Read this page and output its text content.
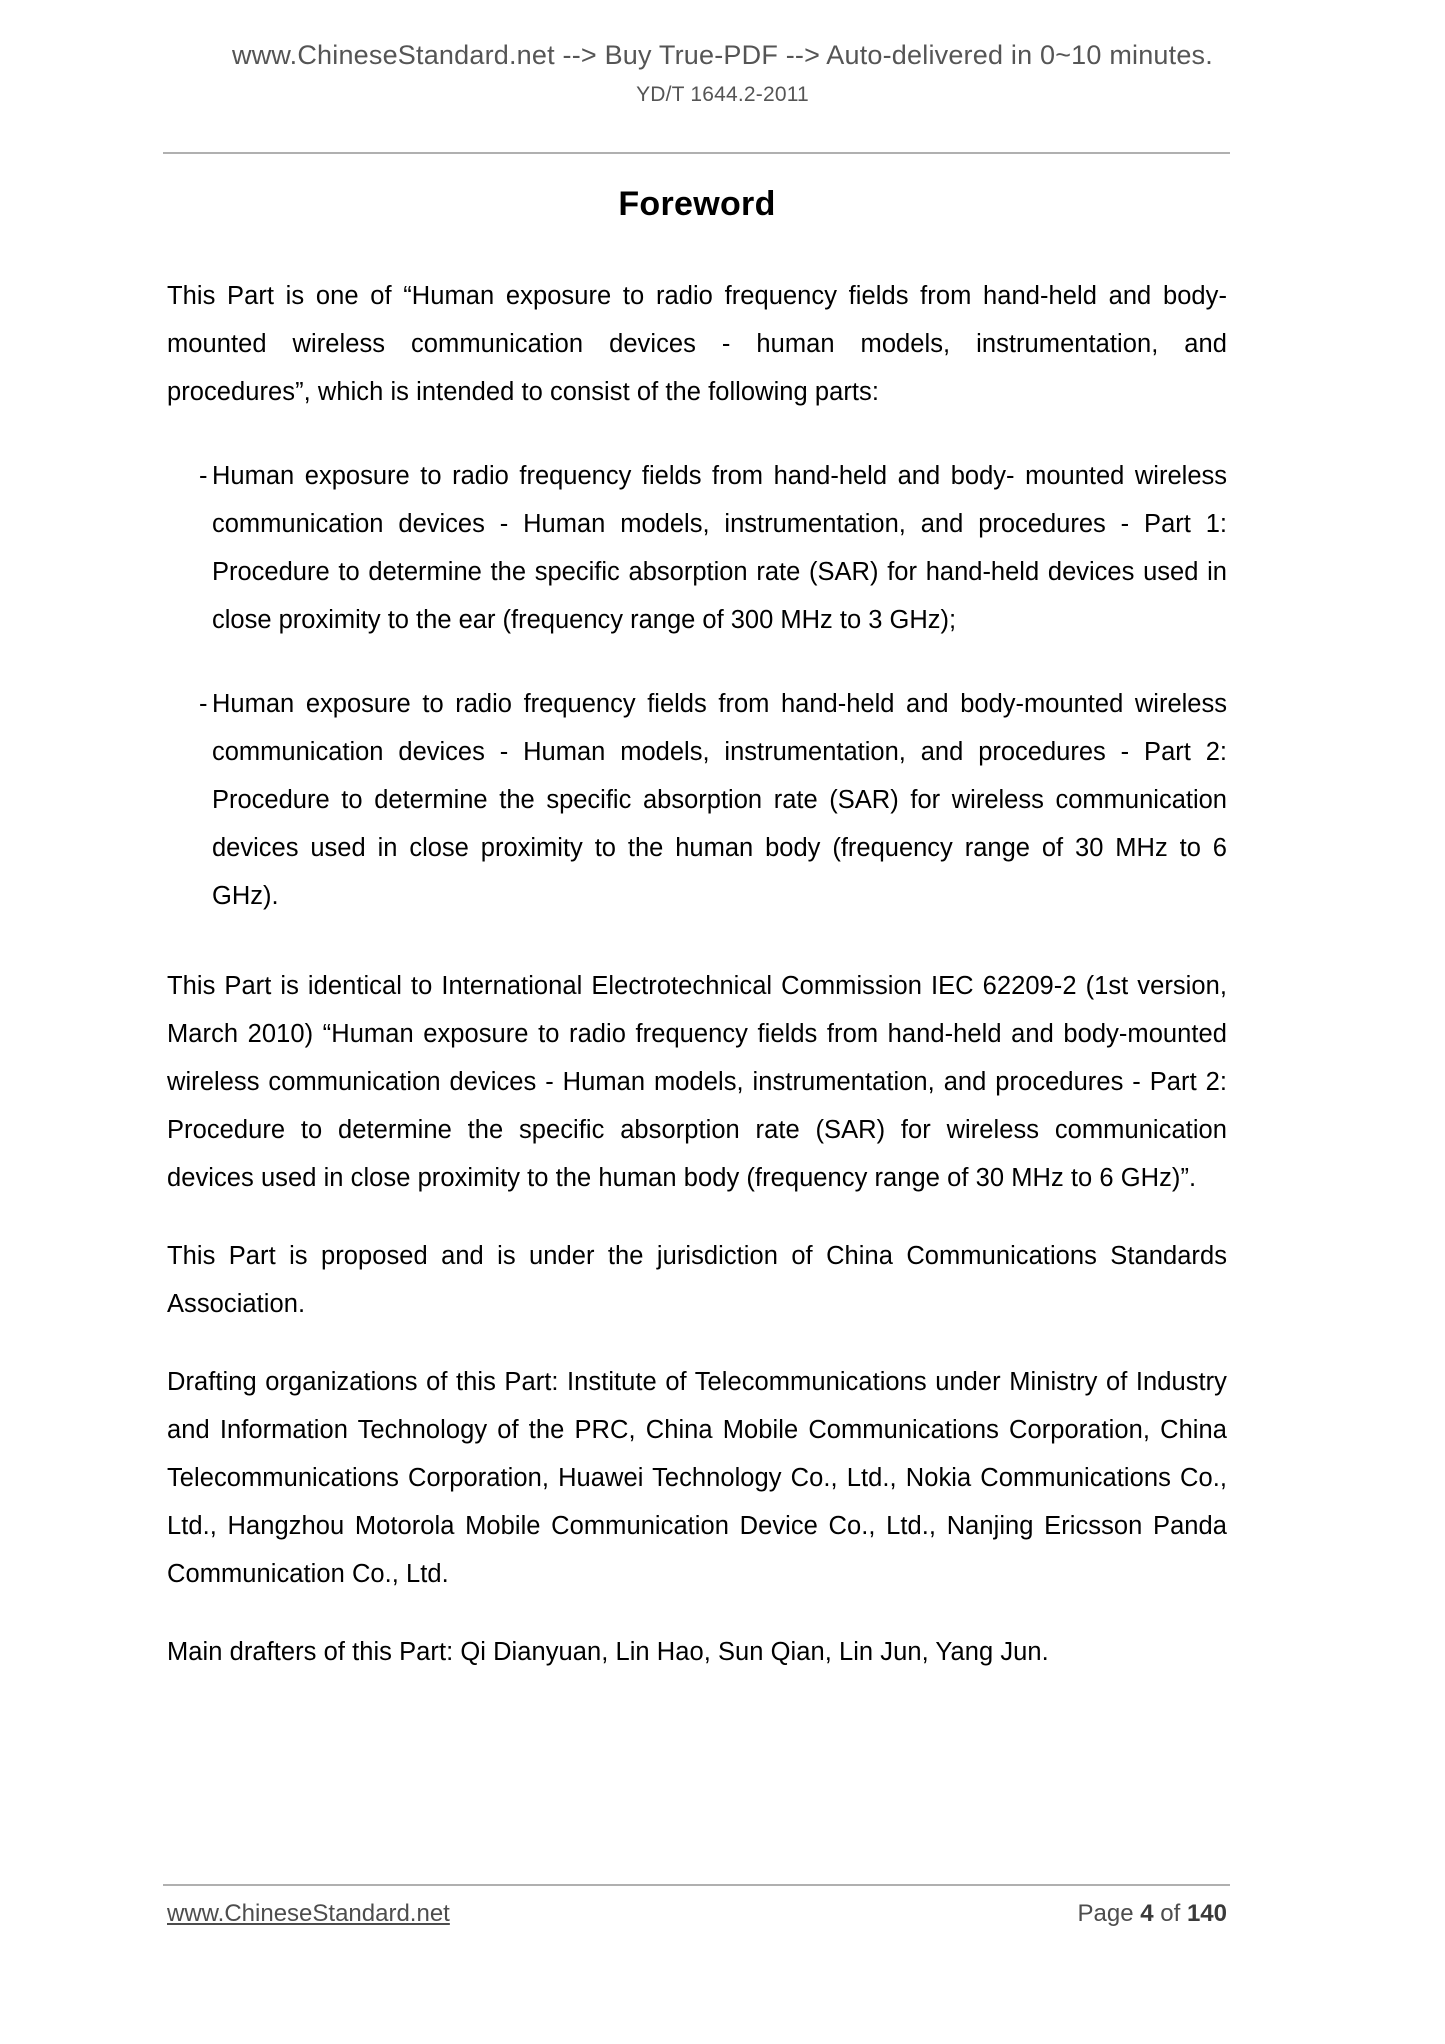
www.ChineseStandard.net --> Buy True-PDF --> Auto-delivered in 0~10 minutes.
YD/T 1644.2-2011
Foreword

This Part is one of “Human exposure to radio frequency fields from hand-held and body-mounted wireless communication devices - human models, instrumentation, and procedures”, which is intended to consist of the following parts:

- Human exposure to radio frequency fields from hand-held and body- mounted wireless communication devices - Human models, instrumentation, and procedures - Part 1: Procedure to determine the specific absorption rate (SAR) for hand-held devices used in close proximity to the ear (frequency range of 300 MHz to 3 GHz);
- Human exposure to radio frequency fields from hand-held and body-mounted wireless communication devices - Human models, instrumentation, and procedures - Part 2: Procedure to determine the specific absorption rate (SAR) for wireless communication devices used in close proximity to the human body (frequency range of 30 MHz to 6 GHz).

This Part is identical to International Electrotechnical Commission IEC 62209-2 (1st version, March 2010) “Human exposure to radio frequency fields from hand-held and body-mounted wireless communication devices - Human models, instrumentation, and procedures - Part 2: Procedure to determine the specific absorption rate (SAR) for wireless communication devices used in close proximity to the human body (frequency range of 30 MHz to 6 GHz)”.

This Part is proposed and is under the jurisdiction of China Communications Standards Association.

Drafting organizations of this Part: Institute of Telecommunications under Ministry of Industry and Information Technology of the PRC, China Mobile Communications Corporation, China Telecommunications Corporation, Huawei Technology Co., Ltd., Nokia Communications Co., Ltd., Hangzhou Motorola Mobile Communication Device Co., Ltd., Nanjing Ericsson Panda Communication Co., Ltd.

Main drafters of this Part: Qi Dianyuan, Lin Hao, Sun Qian, Lin Jun, Yang Jun.

www.ChineseStandard.net	Page 4 of 140
